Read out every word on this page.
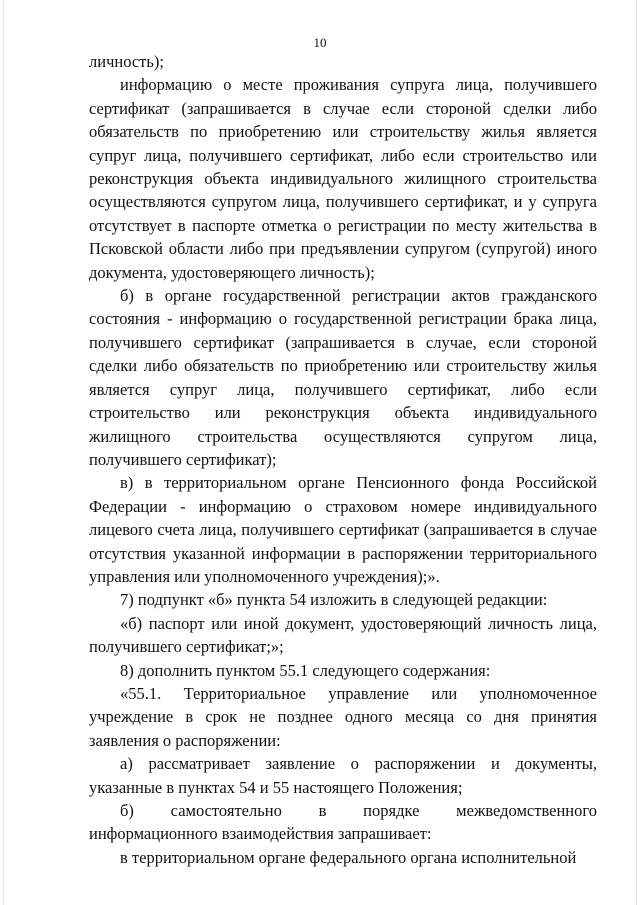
10

личность);

информацию о месте проживания супруга лица, получившего сертификат (запрашивается в случае если стороной сделки либо обязательств по приобретению или строительству жилья является супруг лица, получившего сертификат, либо если строительство или реконструкция объекта индивидуального жилищного строительства осуществляются супругом лица, получившего сертификат, и у супруга отсутствует в паспорте отметка о регистрации по месту жительства в Псковской области либо при предъявлении супругом (супругой) иного документа, удостоверяющего личность);

б) в органе государственной регистрации актов гражданского состояния - информацию о государственной регистрации брака лица, получившего сертификат (запрашивается в случае, если стороной сделки либо обязательств по приобретению или строительству жилья является супруг лица, получившего сертификат, либо если строительство или реконструкция объекта индивидуального жилищного строительства осуществляются супругом лица, получившего сертификат);

в) в территориальном органе Пенсионного фонда Российской Федерации - информацию о страховом номере индивидуального лицевого счета лица, получившего сертификат (запрашивается в случае отсутствия указанной информации в распоряжении территориального управления или уполномоченного учреждения);».

7) подпункт «б» пункта 54 изложить в следующей редакции:

«б) паспорт или иной документ, удостоверяющий личность лица, получившего сертификат;»;

8) дополнить пунктом 55.1 следующего содержания:

«55.1. Территориальное управление или уполномоченное учреждение в срок не позднее одного месяца со дня принятия заявления о распоряжении:

а) рассматривает заявление о распоряжении и документы, указанные в пунктах 54 и 55 настоящего Положения;

б) самостоятельно в порядке межведомственного информационного взаимодействия запрашивает:

в территориальном органе федерального органа исполнительной
